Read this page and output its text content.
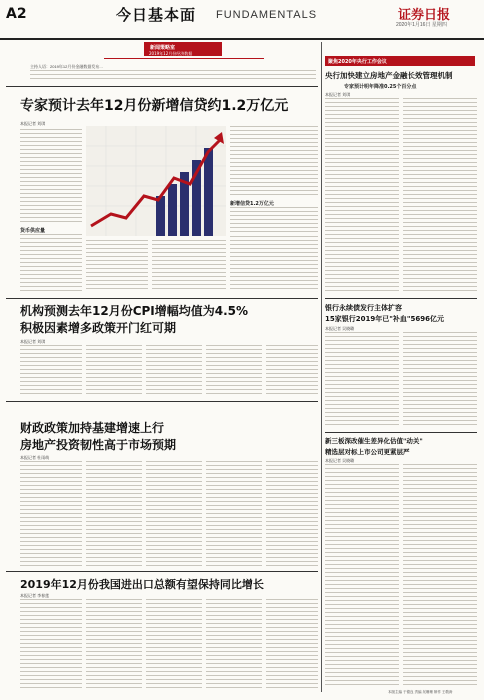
A2	今日基本面 FUNDAMENTALS	证券日报
2020年1月16日 星期四
新闻策略室
2019年12月份经济数据
主持人语：2019年12月份金融数据发布...
专家预计去年12月份新增信贷约1.2万亿元
本报记者 刘琪
货币供应量
新增信贷1.2万亿元
机构预测去年12月份CPI增幅均值为4.5%
积极因素增多政策开门红可期
本报记者 刘琪
财政政策加持基建增速上行
房地产投资韧性高于市场预期
本报记者 杜雨萌
2019年12月份我国进出口总额有望保持同比增长
本报记者 李春莲
聚焦2020年央行工作会议
央行加快建立房地产金融长效管理机制
专家预计明年降准0.25个百分点
本报记者 刘琪
银行永续债发行主体扩容
15家银行2019年已"补血"5696亿元
本报记者 吴晓璐
新三板深改催生差异化估值"动关"
精选层对标上市公司更紧层严
本报记者 吴晓璐
本版主编 于德良 责编 吴珊珊 制作 王敬涛
